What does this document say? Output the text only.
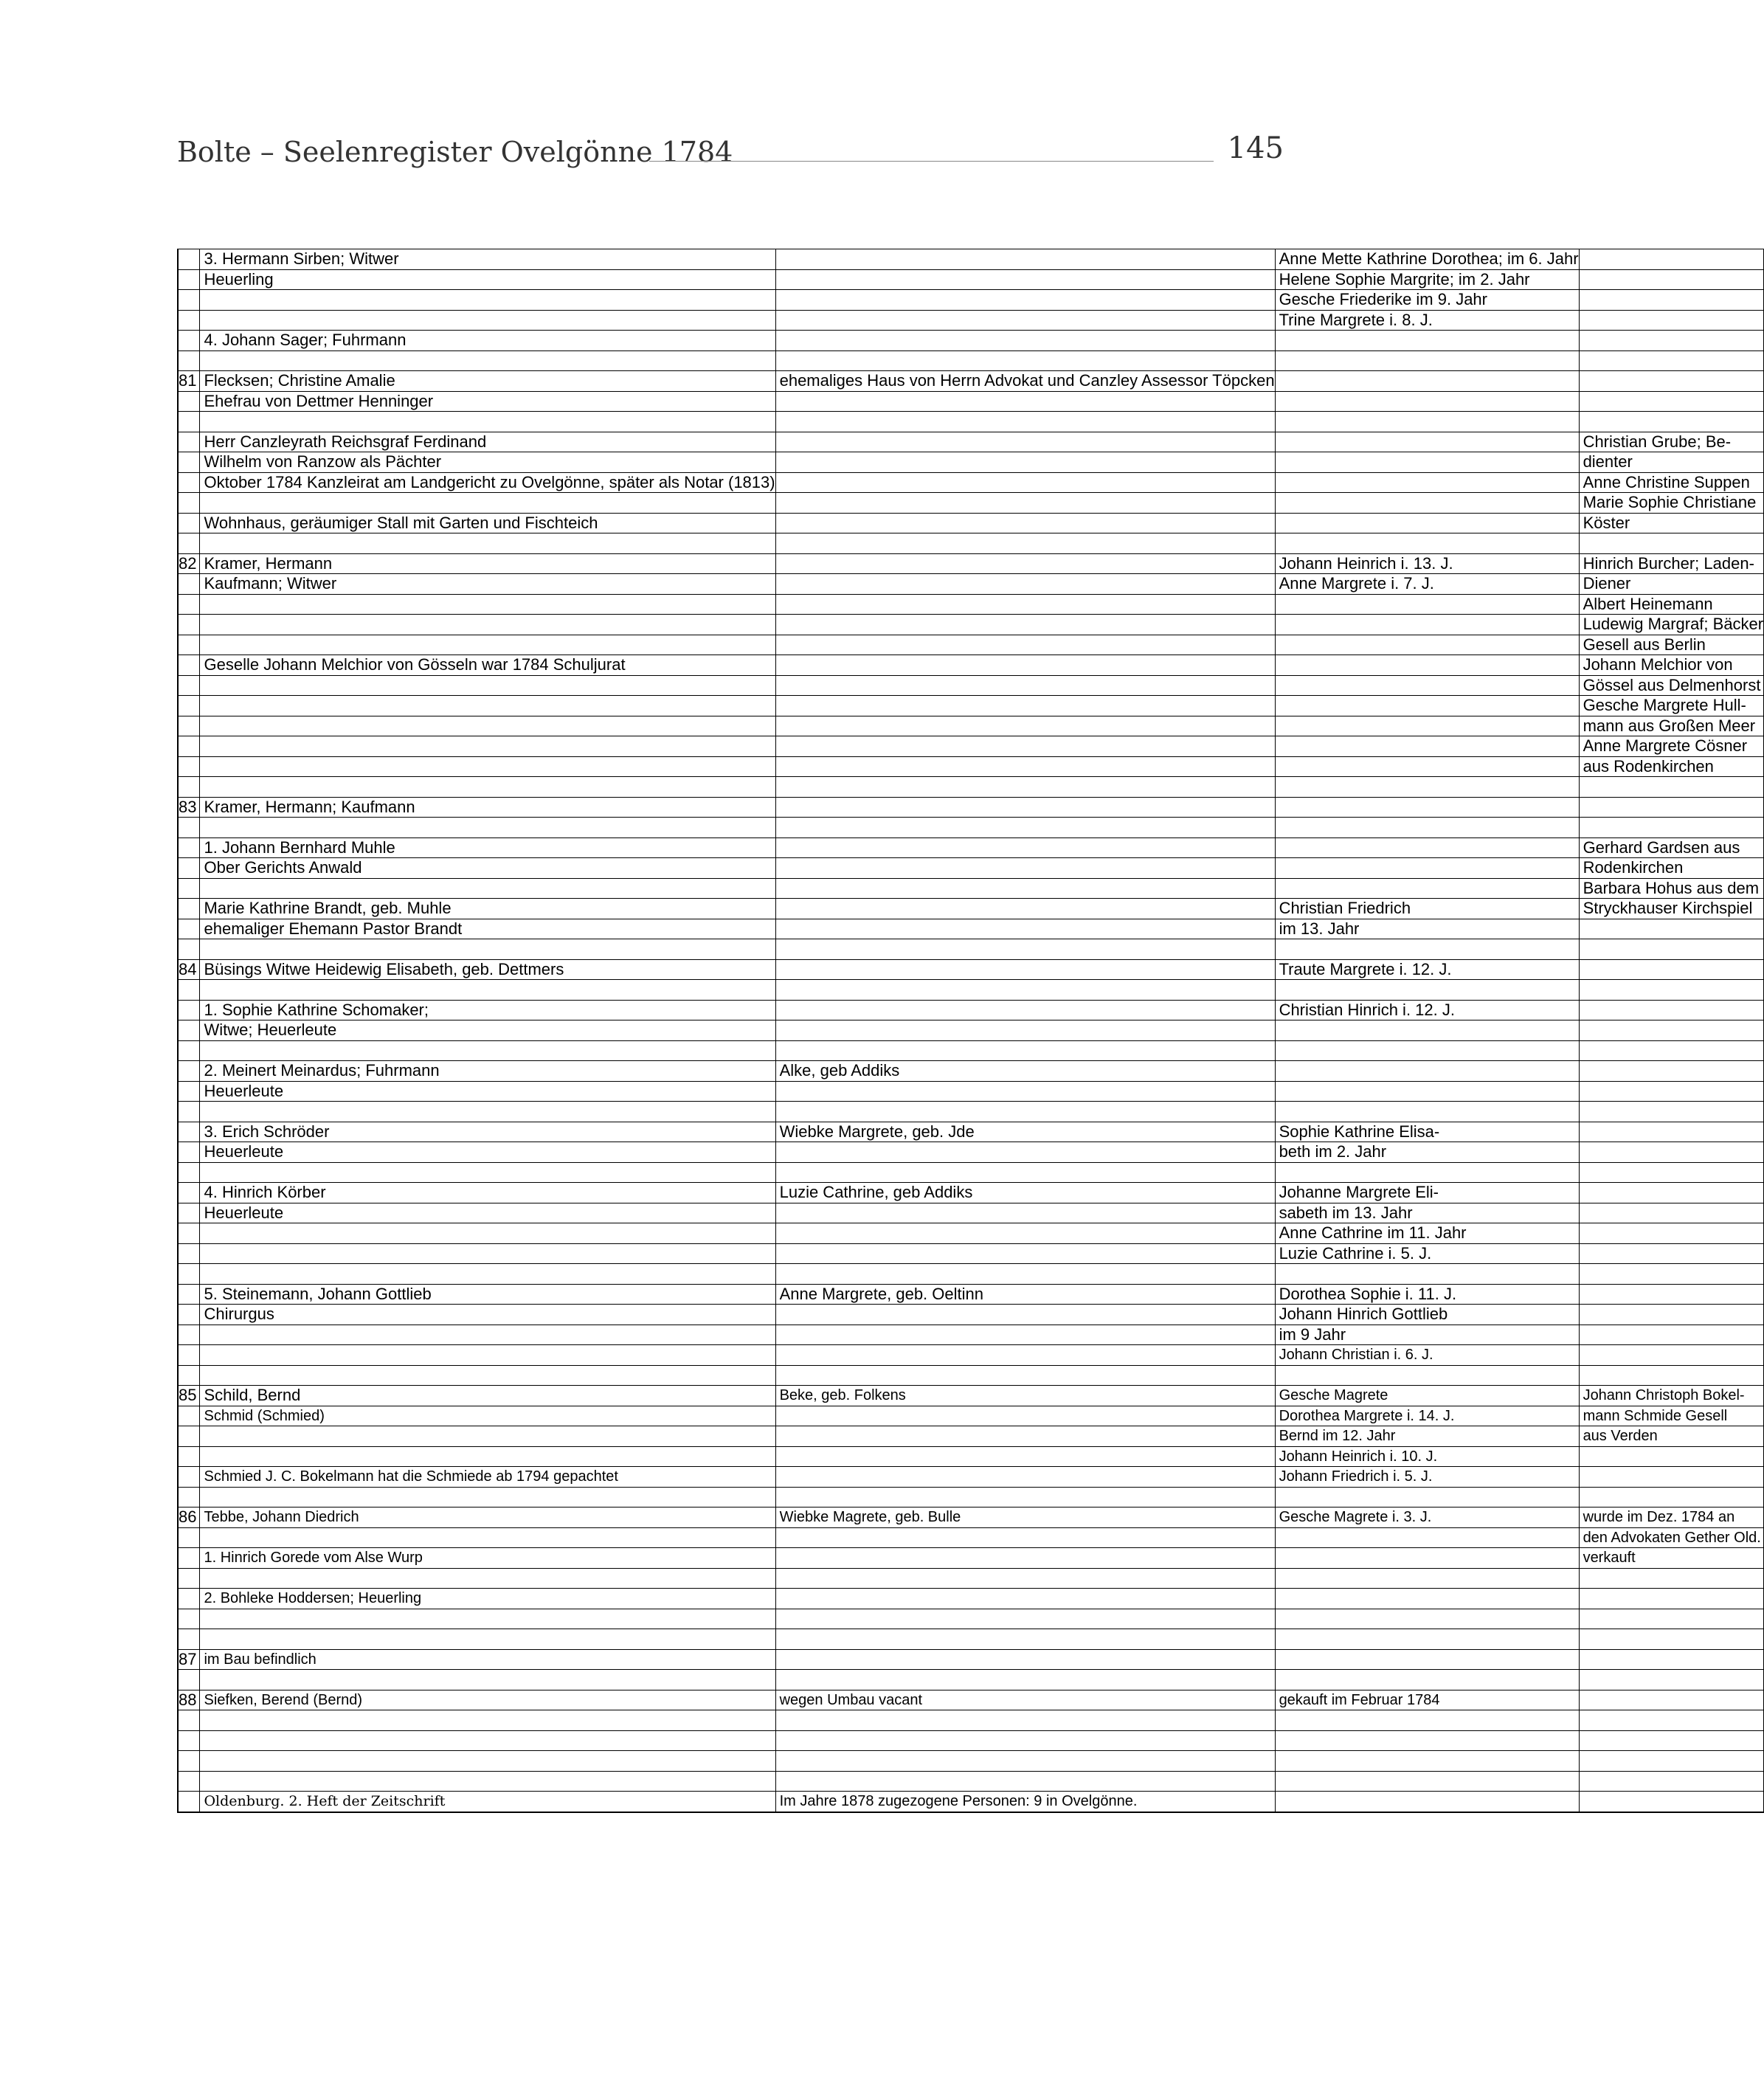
Bolte – Seelenregister Ovelgönne 1784	145
	3. Hermann Sirben; Witwer		Anne Mette Kathrine Dorothea; im 6. Jahr	
	Heuerling		Helene Sophie Margrite; im 2. Jahr	
			Gesche Friederike im 9. Jahr	
			Trine Margrete i. 8. J.	
	4. Johann Sager; Fuhrmann			

81	Flecksen; Christine Amalie	ehemaliges Haus von Herrn Advokat und Canzley Assessor Töpcken		
	Ehefrau von Dettmer Henninger			

	Herr Canzleyrath Reichsgraf Ferdinand			Christian Grube; Be-
	Wilhelm von Ranzow als Pächter			dienter
	Oktober 1784 Kanzleirat am Landgericht zu Ovelgönne, später als Notar (1813)			Anne Christine Suppen
				Marie Sophie Christiane
	Wohnhaus, geräumiger Stall mit Garten und Fischteich			Köster

82	Kramer, Hermann		Johann Heinrich i. 13. J.	Hinrich Burcher; Laden-
	Kaufmann; Witwer		Anne Margrete i. 7. J.	Diener
				Albert Heinemann
				Ludewig Margraf; Bäcker
				Gesell aus Berlin
	Geselle Johann Melchior von Gösseln war 1784 Schuljurat			Johann Melchior von
				Gössel aus Delmenhorst
				Gesche Margrete Hull-
				mann aus Großen Meer
				Anne Margrete Cösner
				aus Rodenkirchen

83	Kramer, Hermann; Kaufmann			

	1. Johann Bernhard Muhle			Gerhard Gardsen aus
	Ober Gerichts Anwald			Rodenkirchen
				Barbara Hohus aus dem
	Marie Kathrine Brandt, geb. Muhle		Christian Friedrich	Stryckhauser Kirchspiel
	ehemaliger Ehemann Pastor Brandt		im 13. Jahr	

84	Büsings Witwe Heidewig Elisabeth, geb. Dettmers		Traute Margrete i. 12. J.	

	1. Sophie Kathrine Schomaker;		Christian Hinrich i. 12. J.	
	Witwe; Heuerleute			

	2. Meinert Meinardus; Fuhrmann	Alke, geb Addiks		
	Heuerleute			

	3. Erich Schröder	Wiebke Margrete, geb. Jde	Sophie Kathrine Elisa-	
	Heuerleute		beth im 2. Jahr	

	4. Hinrich Körber	Luzie Cathrine, geb Addiks	Johanne Margrete Eli-	
	Heuerleute		sabeth im 13. Jahr	
			Anne Cathrine im 11. Jahr	
			Luzie Cathrine i. 5. J.	

	5. Steinemann, Johann Gottlieb	Anne Margrete, geb. Oeltinn	Dorothea Sophie i. 11. J.	
	Chirurgus		Johann Hinrich Gottlieb	
			im 9 Jahr	
			Johann Christian i. 6. J.	

85	Schild, Bernd	Beke, geb. Folkens	Gesche Magrete	Johann Christoph Bokel-
	Schmid (Schmied)		Dorothea Margrete i. 14. J.	mann Schmide Gesell
			Bernd im 12. Jahr	aus Verden
			Johann Heinrich i. 10. J.	
	Schmied J. C. Bokelmann hat die Schmiede ab 1794 gepachtet		Johann Friedrich i. 5. J.	

86	Tebbe, Johann Diedrich	Wiebke Magrete, geb. Bulle	Gesche Magrete i. 3. J.	wurde im Dez. 1784 an
				den Advokaten Gether Old.
	1. Hinrich Gorede vom Alse Wurp			verkauft

	2. Bohleke Hoddersen; Heuerling			

87	im Bau befindlich			

88	Siefken, Berend (Bernd)	wegen Umbau vacant	gekauft im Februar 1784	

	Oldenburg. 2. Heft der Zeitschrift	Im Jahre 1878 zugezogene Personen: 9 in Ovelgönne.		
